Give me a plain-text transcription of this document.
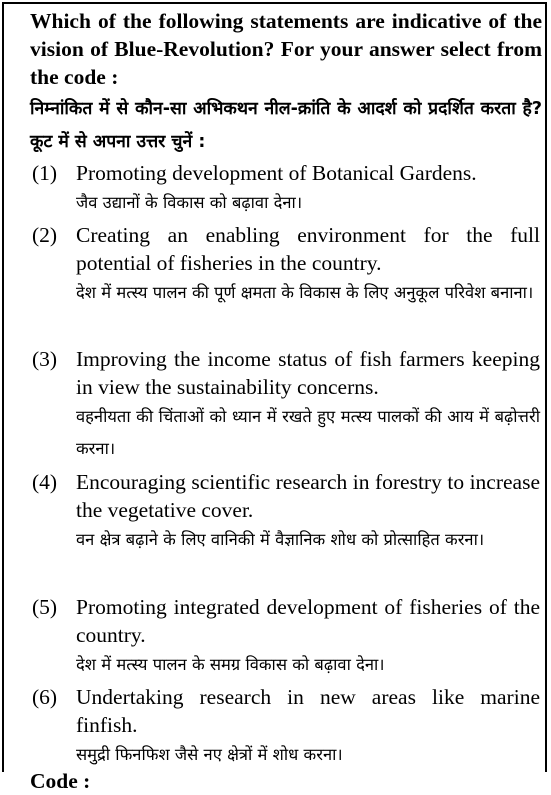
Which of the following statements are indicative of the vision of Blue-Revolution? For your answer select from the code :
निम्नांकित में से कौन-सा अभिकथन नील-क्रांति के आदर्श को प्रदर्शित करता है? कूट में से अपना उत्तर चुनें :
(1) Promoting development of Botanical Gardens.
जैव उद्यानों के विकास को बढ़ावा देना।
(2) Creating an enabling environment for the full potential of fisheries in the country.
देश में मत्स्य पालन की पूर्ण क्षमता के विकास के लिए अनुकूल परिवेश बनाना।
(3) Improving the income status of fish farmers keeping in view the sustainability concerns.
वहनीयता की चिंताओं को ध्यान में रखते हुए मत्स्य पालकों की आय में बढ़ोत्तरी करना।
(4) Encouraging scientific research in forestry to increase the vegetative cover.
वन क्षेत्र बढ़ाने के लिए वानिकी में वैज्ञानिक शोध को प्रोत्साहित करना।
(5) Promoting integrated development of fisheries of the country.
देश में मत्स्य पालन के समग्र विकास को बढ़ावा देना।
(6) Undertaking research in new areas like marine finfish.
समुद्री फिनफिश जैसे नए क्षेत्रों में शोध करना।
Code :
